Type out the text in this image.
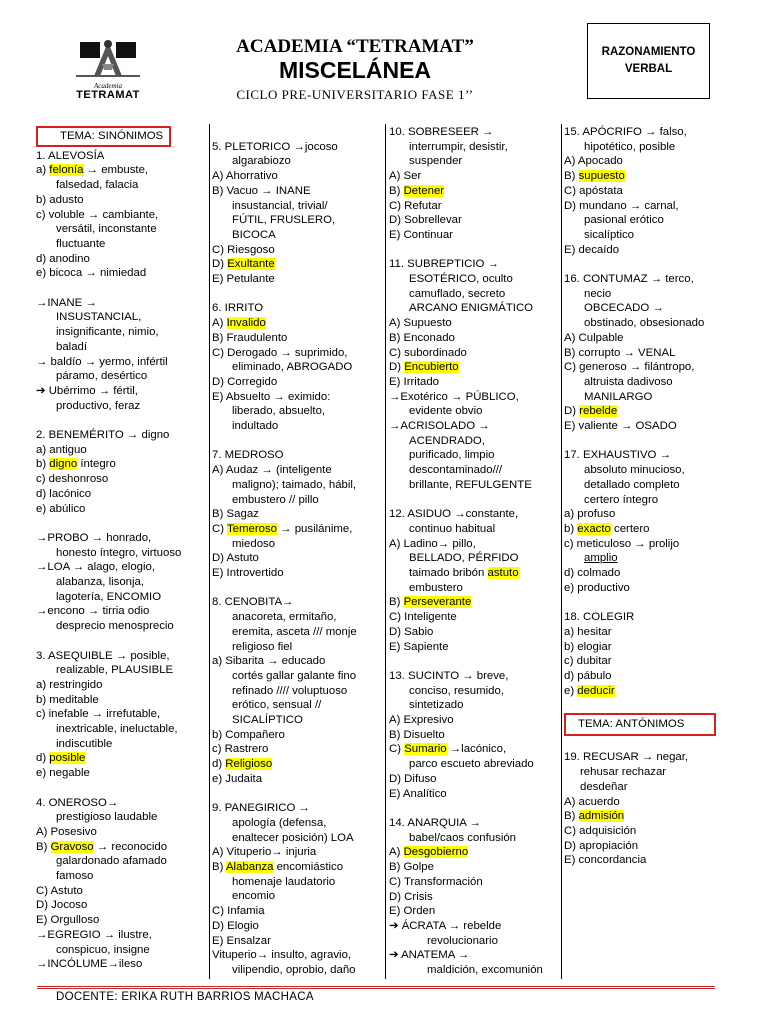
Academia
TETRAMAT
ACADEMIA “TETRAMAT”
MISCELÁNEA
CICLO PRE-UNIVERSITARIO FASE 1’’
RAZONAMIENTO
VERBAL
TEMA: SINÓNIMOS
1. ALEVOSÍA
a) felonía → embuste,
falsedad, falacia
b) adusto
c) voluble → cambiante,
versátil, inconstante
fluctuante
d) anodino
e) bicoca → nimiedad
→INANE →
INSUSTANCIAL,
insignificante, nimio,
baladí
→ baldío → yermo, infértil
páramo, desértico
➔ Ubérrimo → fértil,
productivo, feraz
2. BENEMÉRITO → digno
a) antiguo
b) digno íntegro
c) deshonroso
d) lacónico
e) abúlico
→PROBO → honrado,
honesto íntegro, virtuoso
→LOA → alago, elogio,
alabanza, lisonja,
lagotería, ENCOMIO
→encono → tirria odio
desprecio menosprecio
3. ASEQUIBLE → posible,
realizable, PLAUSIBLE
a) restringido
b) meditable
c) inefable → irrefutable,
inextricable, ineluctable,
indiscutible
d) posible
e) negable
4. ONEROSO→
prestigioso laudable
A) Posesivo
B) Gravoso → reconocido
galardonado afamado
famoso
C) Astuto
D) Jocoso
E) Orgulloso
→EGREGIO → ilustre,
conspicuo, insigne
→INCÓLUME→ileso
5. PLETORICO →jocoso
algarabiozo
A) Ahorrativo
B) Vacuo → INANE
insustancial, trivial/
FÚTIL, FRUSLERO,
BICOCA
C) Riesgoso
D) Exultante
E) Petulante
6. IRRITO
A) Invalido
B) Fraudulento
C) Derogado → suprimido,
eliminado, ABROGADO
D) Corregido
E) Absuelto → eximido:
liberado, absuelto,
indultado
7. MEDROSO
A) Audaz → (inteligente
maligno); taimado, hábil,
embustero // pillo
B) Sagaz
C) Temeroso → pusilánime,
miedoso
D) Astuto
E) Introvertido
8. CENOBITA→
anacoreta, ermitaño,
eremita, asceta /// monje
religioso fiel
a) Sibarita → educado
cortés gallar galante fino
refinado //// voluptuoso
erótico, sensual //
SICALÍPTICO
b) Compañero
c) Rastrero
d) Religioso
e) Judaita
9. PANEGIRICO →
apología (defensa,
enaltecer posición) LOA
A) Vituperio→ injuria
B) Alabanza encomiástico
homenaje laudatorio
encomio
C) Infamia
D) Elogio
E) Ensalzar
Vituperio→ insulto, agravio,
vilipendio, oprobio, daño
10. SOBRESEER →
interrumpir, desistir,
suspender
A) Ser
B) Detener
C) Refutar
D) Sobrellevar
E) Continuar
11. SUBREPTICIO →
ESOTÉRICO, oculto
camuflado, secreto
ARCANO ENIGMÁTICO
A) Supuesto
B) Enconado
C) subordinado
D) Encubierto
E) Irritado
→Exotérico → PÚBLICO,
evidente obvio
→ACRISOLADO →
ACENDRADO,
purificado, limpio
descontaminado///
brillante, REFULGENTE
12. ASIDUO →constante,
continuo habitual
A) Ladino→ pillo,
BELLADO, PÉRFIDO
taimado bribón astuto
embustero
B) Perseverante
C) Inteligente
D) Sabio
E) Sapiente
13. SUCINTO → breve,
conciso, resumido,
sintetizado
A) Expresivo
B) Disuelto
C) Sumario →lacónico,
parco escueto abreviado
D) Difuso
E) Analítico
14. ANARQUIA →
babel/caos confusión
A) Desgobierno
B) Golpe
C) Transformación
D) Crisis
E) Orden
➔ ÁCRATA → rebelde
revolucionario
➔ ANATEMA →
maldición, excomunión
15. APÓCRIFO → falso,
hipotético, posible
A) Apocado
B) supuesto
C) apóstata
D) mundano → carnal,
pasional erótico
sicalíptico
E) decaído
16. CONTUMAZ → terco,
necio
OBCECADO →
obstinado, obsesionado
A) Culpable
B) corrupto → VENAL
C) generoso → filántropo,
altruista dadivoso
MANILARGO
D) rebelde
E) valiente → OSADO
17. EXHAUSTIVO →
absoluto minucioso,
detallado completo
certero íntegro
a) profuso
b) exacto certero
c) meticuloso → prolijo
amplio
d) colmado
e) productivo
18. COLEGIR
a) hesitar
b) elogiar
c) dubitar
d) pábulo
e) deducir
TEMA: ANTÓNIMOS
19. RECUSAR → negar,
rehusar rechazar
desdeñar
A) acuerdo
B) admisión
C) adquisición
D) apropiación
E) concordancia
DOCENTE: ERIKA RUTH BARRIOS MACHACA
